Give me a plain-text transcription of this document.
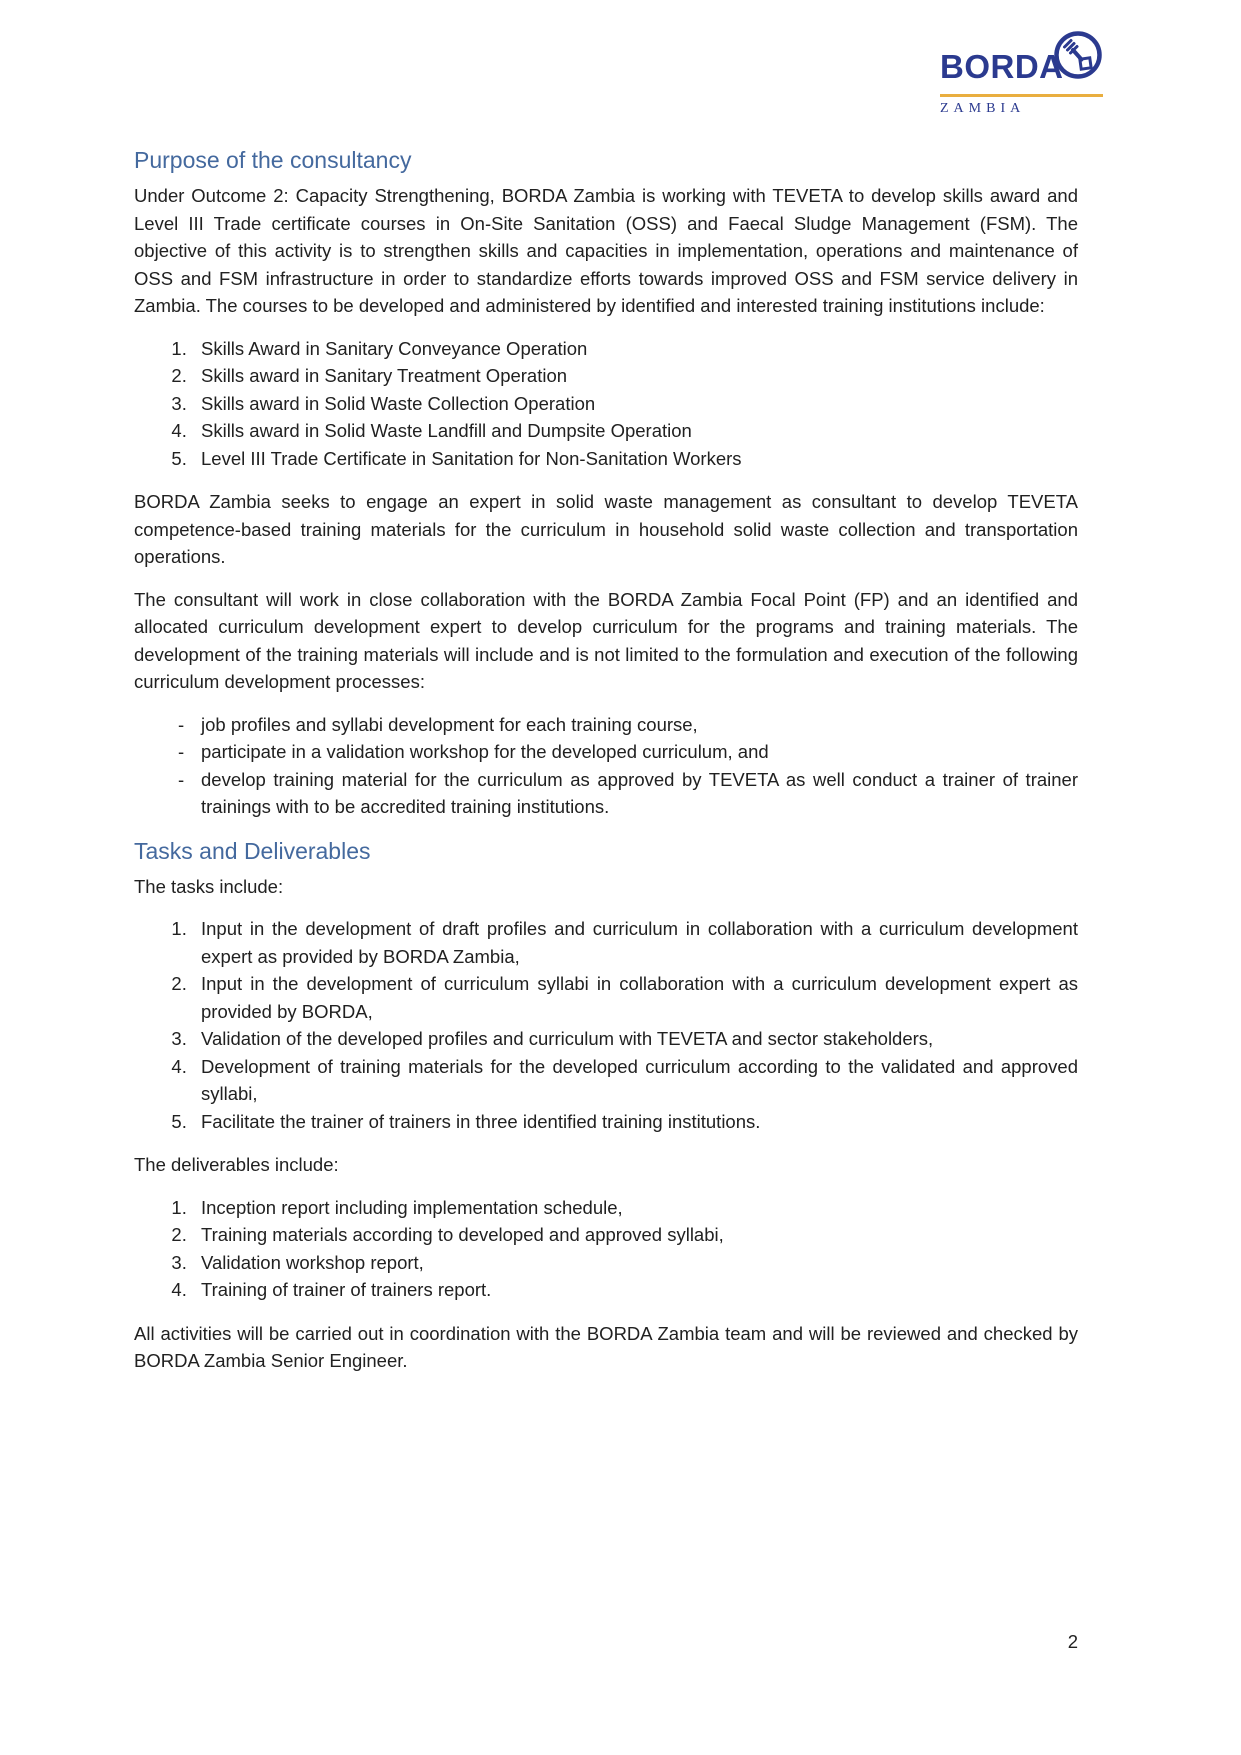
BORDA
ZAMBIA
Purpose of the consultancy

Under Outcome 2: Capacity Strengthening, BORDA Zambia is working with TEVETA to develop skills award and Level III Trade certificate courses in On-Site Sanitation (OSS) and Faecal Sludge Management (FSM). The objective of this activity is to strengthen skills and capacities in implementation, operations and maintenance of OSS and FSM infrastructure in order to standardize efforts towards improved OSS and FSM service delivery in Zambia. The courses to be developed and administered by identified and interested training institutions include:

1. Skills Award in Sanitary Conveyance Operation
2. Skills award in Sanitary Treatment Operation
3. Skills award in Solid Waste Collection Operation
4. Skills award in Solid Waste Landfill and Dumpsite Operation
5. Level III Trade Certificate in Sanitation for Non-Sanitation Workers

BORDA Zambia seeks to engage an expert in solid waste management as consultant to develop TEVETA competence-based training materials for the curriculum in household solid waste collection and transportation operations.

The consultant will work in close collaboration with the BORDA Zambia Focal Point (FP) and an identified and allocated curriculum development expert to develop curriculum for the programs and training materials. The development of the training materials will include and is not limited to the formulation and execution of the following curriculum development processes:

- job profiles and syllabi development for each training course,
- participate in a validation workshop for the developed curriculum, and
- develop training material for the curriculum as approved by TEVETA as well conduct a trainer of trainer trainings with to be accredited training institutions.
Tasks and Deliverables

The tasks include:

1. Input in the development of draft profiles and curriculum in collaboration with a curriculum development expert as provided by BORDA Zambia,
2. Input in the development of curriculum syllabi in collaboration with a curriculum development expert as provided by BORDA,
3. Validation of the developed profiles and curriculum with TEVETA and sector stakeholders,
4. Development of training materials for the developed curriculum according to the validated and approved syllabi,
5. Facilitate the trainer of trainers in three identified training institutions.

The deliverables include:

1. Inception report including implementation schedule,
2. Training materials according to developed and approved syllabi,
3. Validation workshop report,
4. Training of trainer of trainers report.

All activities will be carried out in coordination with the BORDA Zambia team and will be reviewed and checked by BORDA Zambia Senior Engineer.

2
